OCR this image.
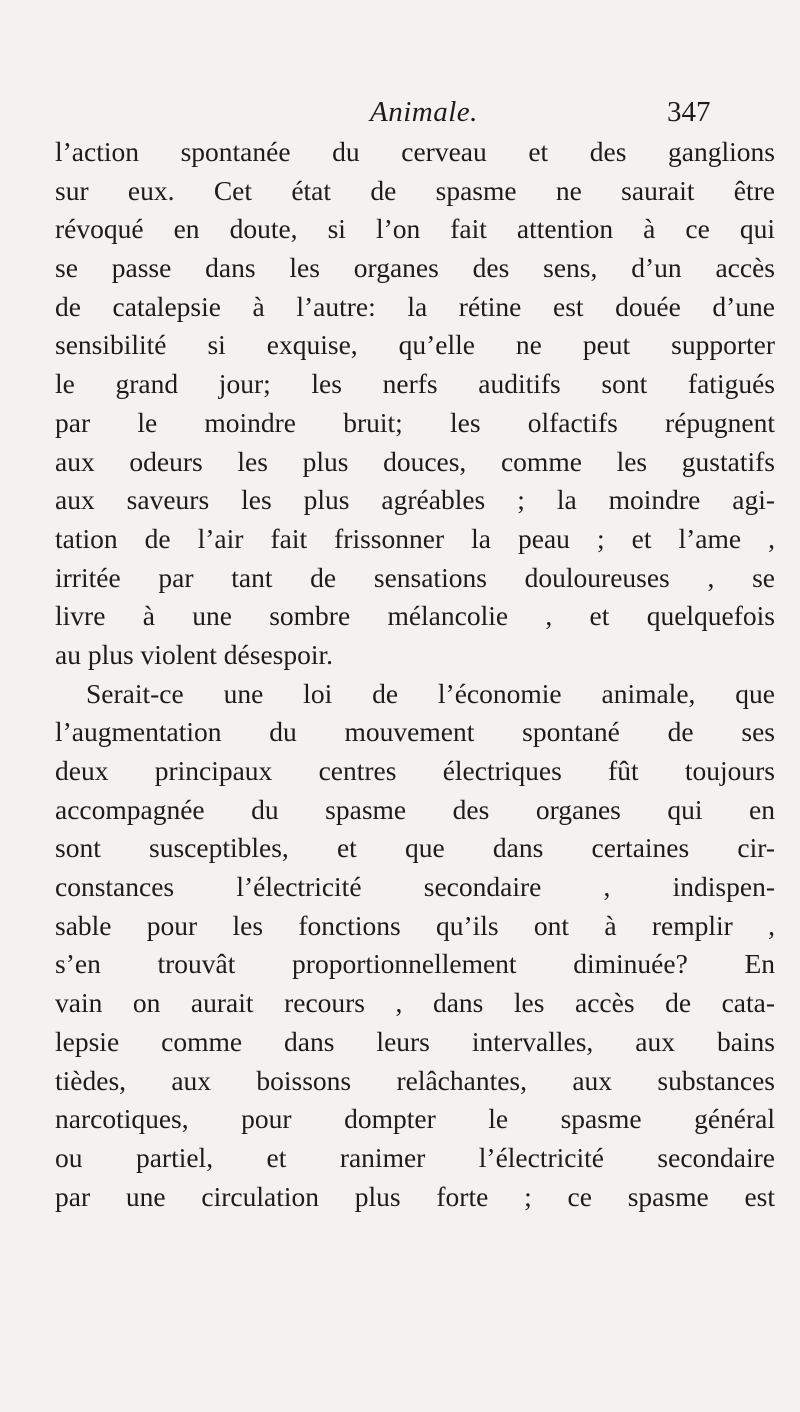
Animale.	347
l’action spontanée du cerveau et des ganglions
sur eux. Cet état de spasme ne saurait être
révoqué en doute, si l’on fait attention à ce qui
se passe dans les organes des sens, d’un accès
de catalepsie à l’autre: la rétine est douée d’une
sensibilité si exquise, qu’elle ne peut supporter
le grand jour; les nerfs auditifs sont fatigués
par le moindre bruit; les olfactifs répugnent
aux odeurs les plus douces, comme les gustatifs
aux saveurs les plus agréables ; la moindre agi-
tation de l’air fait frissonner la peau ; et l’ame ,
irritée par tant de sensations douloureuses , se
livre à une sombre mélancolie , et quelquefois
au plus violent désespoir.
Serait-ce une loi de l’économie animale, que
l’augmentation du mouvement spontané de ses
deux principaux centres électriques fût toujours
accompagnée du spasme des organes qui en
sont susceptibles, et que dans certaines cir-
constances l’électricité secondaire , indispen-
sable pour les fonctions qu’ils ont à remplir ,
s’en trouvât proportionnellement diminuée? En
vain on aurait recours , dans les accès de cata-
lepsie comme dans leurs intervalles, aux bains
tièdes, aux boissons relâchantes, aux substances
narcotiques, pour dompter le spasme général
ou partiel, et ranimer l’électricité secondaire
par une circulation plus forte ; ce spasme est
